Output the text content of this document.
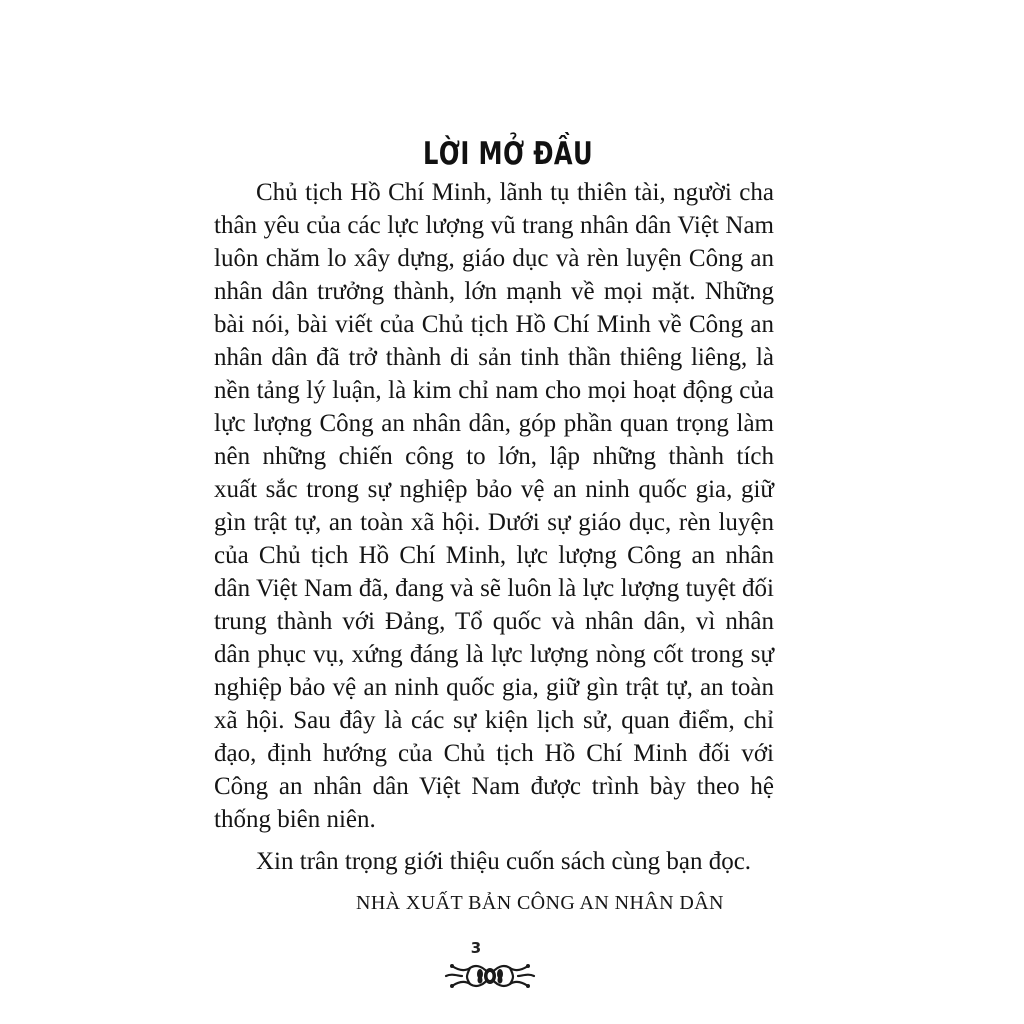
LỜI MỞ ĐẦU
Chủ tịch Hồ Chí Minh, lãnh tụ thiên tài, người cha
thân yêu của các lực lượng vũ trang nhân dân Việt Nam
luôn chăm lo xây dựng, giáo dục và rèn luyện Công an
nhân dân trưởng thành, lớn mạnh về mọi mặt. Những
bài nói, bài viết của Chủ tịch Hồ Chí Minh về Công an
nhân dân đã trở thành di sản tinh thần thiêng liêng, là
nền tảng lý luận, là kim chỉ nam cho mọi hoạt động của
lực lượng Công an nhân dân, góp phần quan trọng làm
nên những chiến công to lớn, lập những thành tích
xuất sắc trong sự nghiệp bảo vệ an ninh quốc gia, giữ
gìn trật tự, an toàn xã hội. Dưới sự giáo dục, rèn luyện
của Chủ tịch Hồ Chí Minh, lực lượng Công an nhân
dân Việt Nam đã, đang và sẽ luôn là lực lượng tuyệt đối
trung thành với Đảng, Tổ quốc và nhân dân, vì nhân
dân phục vụ, xứng đáng là lực lượng nòng cốt trong sự
nghiệp bảo vệ an ninh quốc gia, giữ gìn trật tự, an toàn
xã hội. Sau đây là các sự kiện lịch sử, quan điểm, chỉ
đạo, định hướng của Chủ tịch Hồ Chí Minh đối với
Công an nhân dân Việt Nam được trình bày theo hệ
thống biên niên.
Xin trân trọng giới thiệu cuốn sách cùng bạn đọc.
NHÀ XUẤT BẢN CÔNG AN NHÂN DÂN
3
